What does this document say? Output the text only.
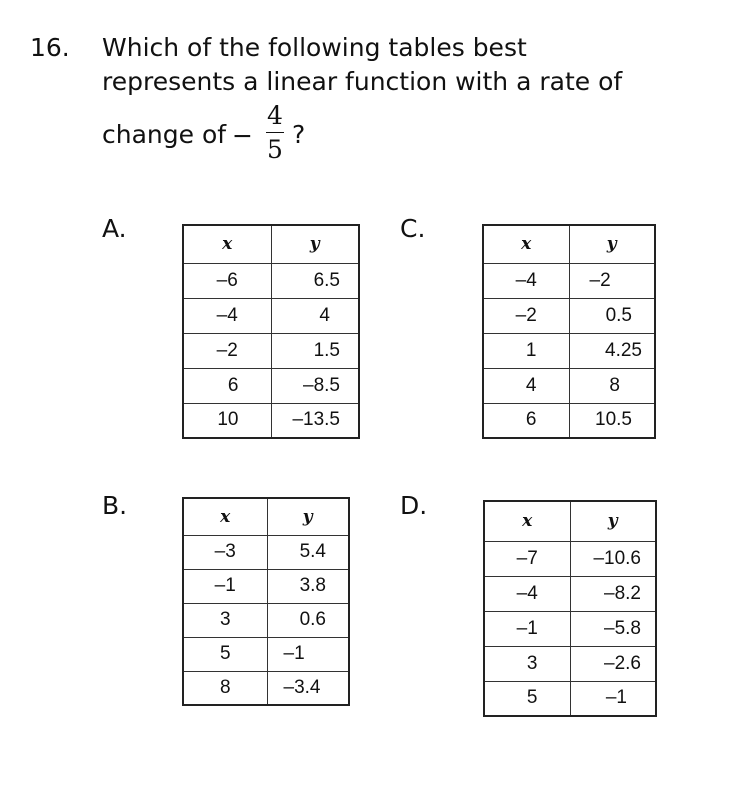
16. Which of the following tables best
represents a linear function with a rate of
change of −
4
5
?
A.
x	y
–6	6.5
–4	4
–2	1.5
6	–8.5
10	–13.5
C.
x	y
–4	–2
–2	0.5
1	4.25
4	8
6	10.5
B.	x	y
–3	5.4
–1	3.8
3	0.6
5	–1
8	–3.4
D.
x	y
–7	–10.6
–4	–8.2
–1	–5.8
3	–2.6
5	–1
